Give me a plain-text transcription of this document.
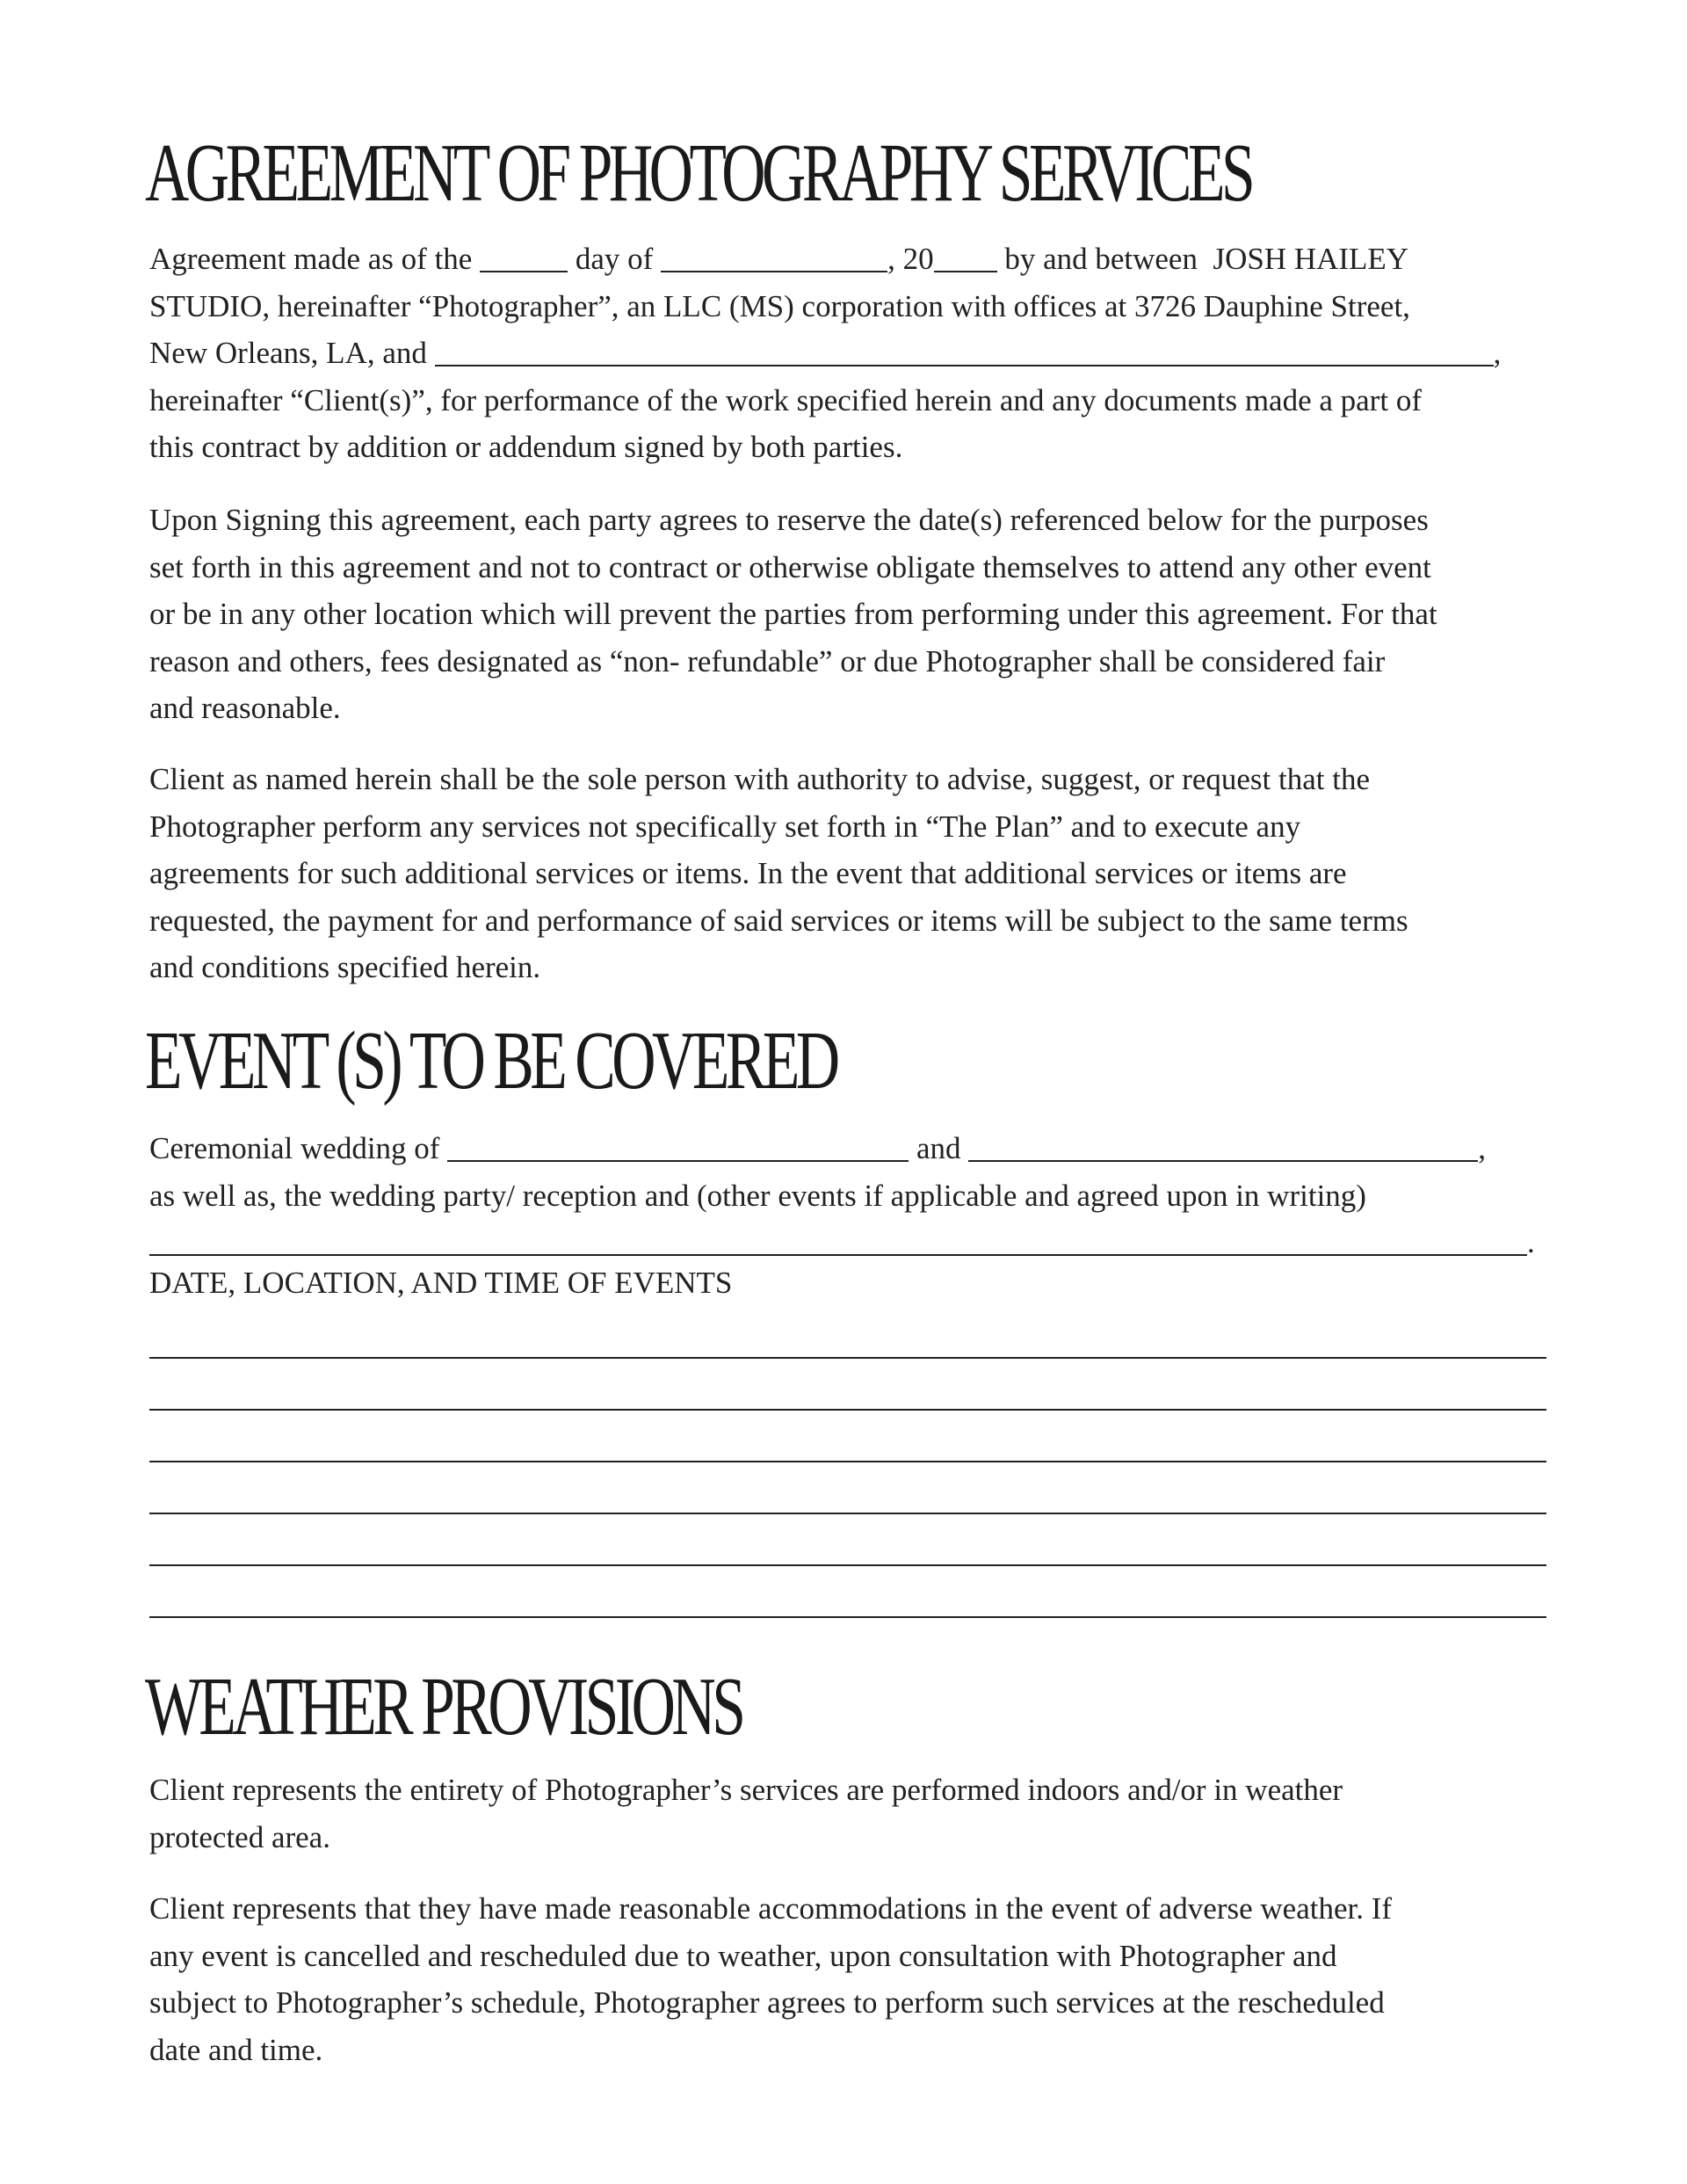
AGREEMENT OF PHOTOGRAPHY SERVICES
Agreement made as of the	day of	, 20 by and between  JOSH HAILEY
STUDIO, hereinafter “Photographer”, an LLC (MS) corporation with offices at 3726 Dauphine Street,
New Orleans, LA, and	,
hereinafter “Client(s)”, for performance of the work specified herein and any documents made a part of
this contract by addition or addendum signed by both parties.
Upon Signing this agreement, each party agrees to reserve the date(s) referenced below for the purposes
set forth in this agreement and not to contract or otherwise obligate themselves to attend any other event
or be in any other location which will prevent the parties from performing under this agreement. For that
reason and others, fees designated as “non- refundable” or due Photographer shall be considered fair
and reasonable.
Client as named herein shall be the sole person with authority to advise, suggest, or request that the
Photographer perform any services not specifically set forth in “The Plan” and to execute any
agreements for such additional services or items. In the event that additional services or items are
requested, the payment for and performance of said services or items will be subject to the same terms
and conditions specified herein.
EVENT (S) TO BE COVERED
Ceremonial wedding of	and	,
as well as, the wedding party/ reception and (other events if applicable and agreed upon in writing)
.
DATE, LOCATION, AND TIME OF EVENTS
WEATHER PROVISIONS
Client represents the entirety of Photographer’s services are performed indoors and/or in weather
protected area.
Client represents that they have made reasonable accommodations in the event of adverse weather. If
any event is cancelled and rescheduled due to weather, upon consultation with Photographer and
subject to Photographer’s schedule, Photographer agrees to perform such services at the rescheduled
date and time.
